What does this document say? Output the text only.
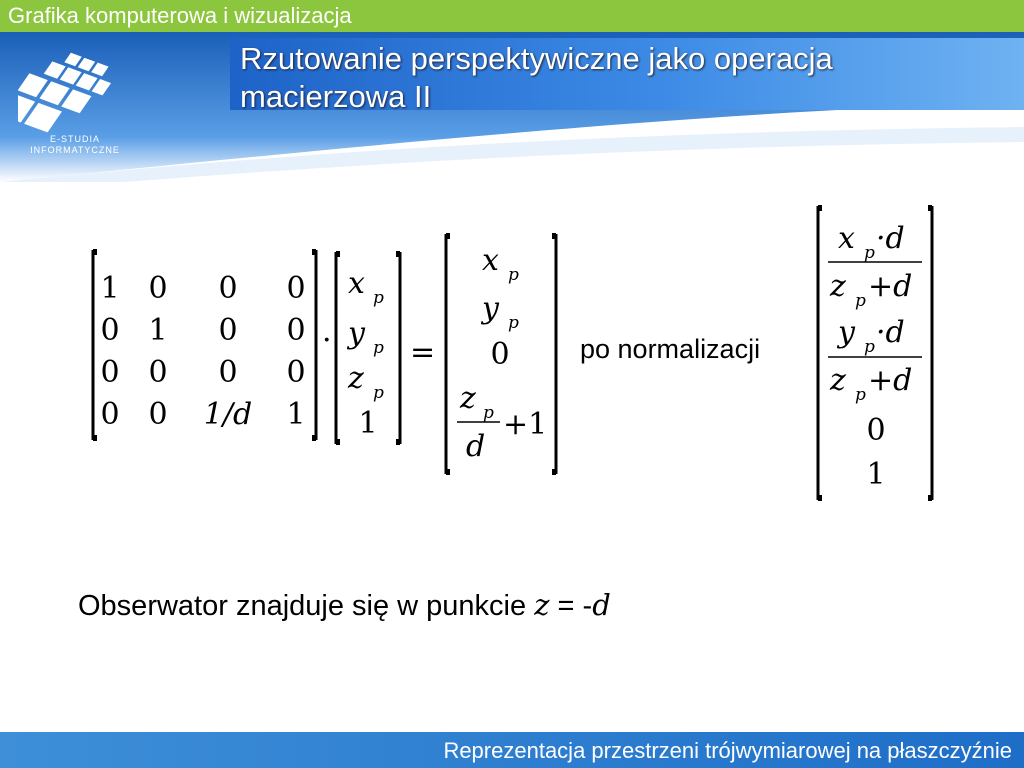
Grafika komputerowa i wizualizacja
Rzutowanie perspektywiczne jako operacja
macierzowa II
E-STUDIA
INFORMATYCZNE
1 0 0 0
0 1 0 0
0 0 0 0
0 0 1/d 1
·
x p
y p
z p
1
=
x p
y p
0
z p
d
+1
x p ·d
z p +d
y p ·d
z p +d
0
1
po normalizacji
Obserwator znajduje się w punkcie z = -d
Reprezentacja przestrzeni trójwymiarowej na płaszczyźnie
